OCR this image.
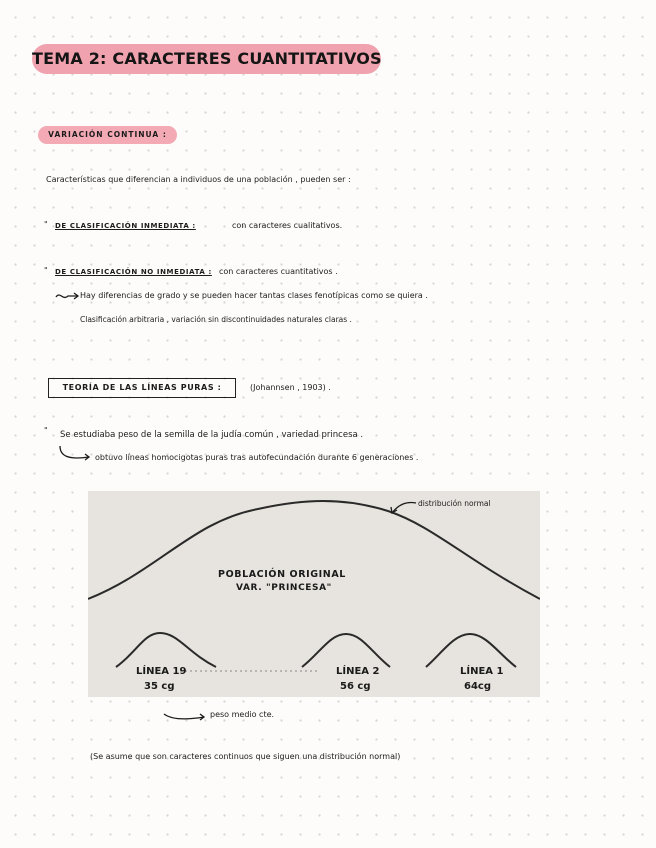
TEMA 2: CARACTERES CUANTITATIVOS
VARIACIÓN CONTINUA :
Características que diferencian a individuos de una población , pueden ser :
" DE CLASIFICACIÓN INMEDIATA :	con caracteres cualitativos.
" DE CLASIFICACIÓN NO INMEDIATA : con caracteres cuantitativos .
Hay diferencias de grado y se pueden hacer tantas clases fenotípicas como se quiera .
Clasificación arbitraria , variación sin discontinuidades naturales claras .
TEORÍA DE LAS LÍNEAS PURAS :	(Johannsen , 1903) .
" Se estudiaba peso de la semilla de la judía común , variedad princesa .
obtuvo líneas homocigotas puras tras autofecundación durante 6 generaciones .
POBLACIÓN ORIGINAL
VAR. "PRINCESA"
LÍNEA 19
35 cg
LÍNEA 2
56 cg
LÍNEA 1
64cg
distribución normal
peso medio cte.
(Se asume que son caracteres continuos que siguen una distribución normal)
